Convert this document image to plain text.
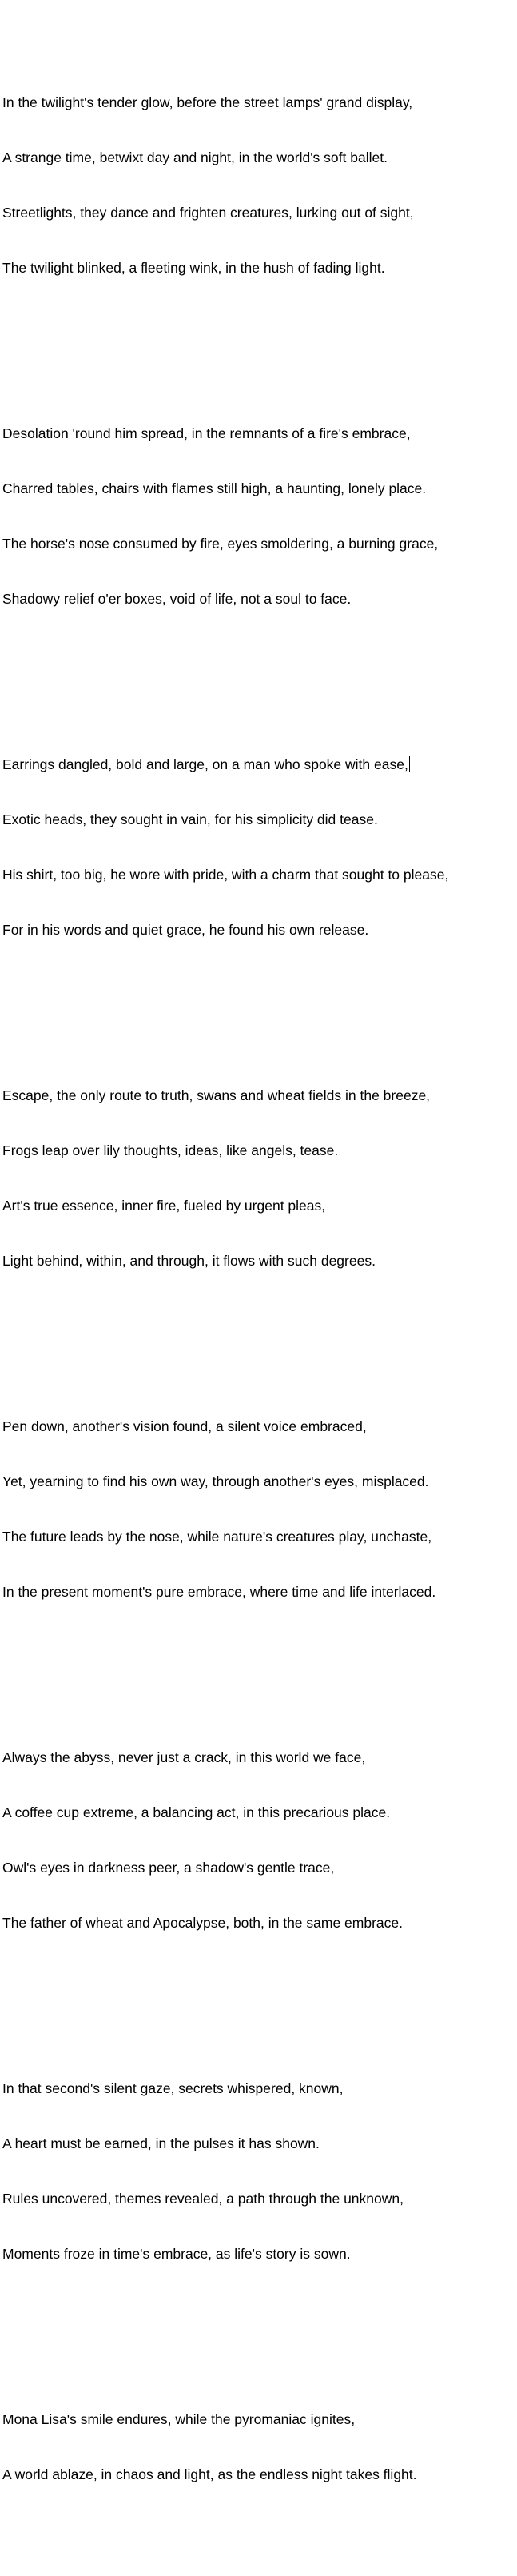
In the twilight's tender glow, before the street lamps' grand display,

A strange time, betwixt day and night, in the world's soft ballet.

Streetlights, they dance and frighten creatures, lurking out of sight,

The twilight blinked, a fleeting wink, in the hush of fading light.

Desolation 'round him spread, in the remnants of a fire's embrace,

Charred tables, chairs with flames still high, a haunting, lonely place.

The horse's nose consumed by fire, eyes smoldering, a burning grace,

Shadowy relief o'er boxes, void of life, not a soul to face.

Earrings dangled, bold and large, on a man who spoke with ease,

Exotic heads, they sought in vain, for his simplicity did tease.

His shirt, too big, he wore with pride, with a charm that sought to please,

For in his words and quiet grace, he found his own release.

Escape, the only route to truth, swans and wheat fields in the breeze,

Frogs leap over lily thoughts, ideas, like angels, tease.

Art's true essence, inner fire, fueled by urgent pleas,

Light behind, within, and through, it flows with such degrees.

Pen down, another's vision found, a silent voice embraced,

Yet, yearning to find his own way, through another's eyes, misplaced.

The future leads by the nose, while nature's creatures play, unchaste,

In the present moment's pure embrace, where time and life interlaced.

Always the abyss, never just a crack, in this world we face,

A coffee cup extreme, a balancing act, in this precarious place.

Owl's eyes in darkness peer, a shadow's gentle trace,

The father of wheat and Apocalypse, both, in the same embrace.

In that second's silent gaze, secrets whispered, known,

A heart must be earned, in the pulses it has shown.

Rules uncovered, themes revealed, a path through the unknown,

Moments froze in time's embrace, as life's story is sown.

Mona Lisa's smile endures, while the pyromaniac ignites,

A world ablaze, in chaos and light, as the endless night takes flight.
